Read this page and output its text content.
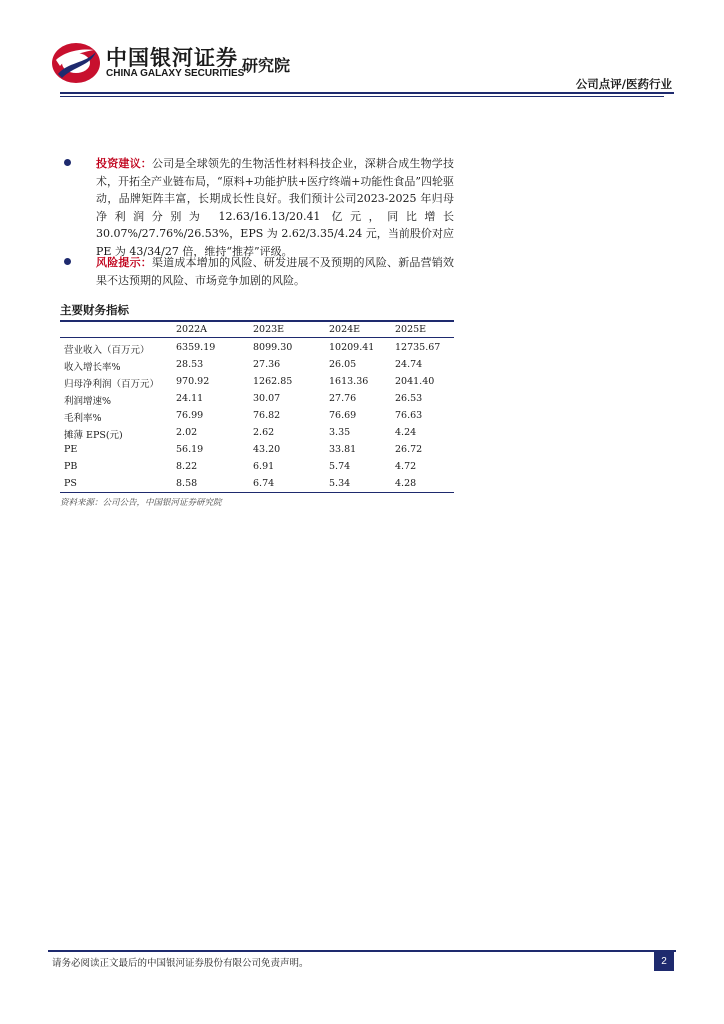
中国银河证券
CHINA GALAXY SECURITIES
研究院
公司点评/医药行业
投资建议：公司是全球领先的生物活性材料科技企业，深耕合成生物学技术，开拓全产业链布局，“原料+功能护肤+医疗终端+功能性食品”四轮驱动，品牌矩阵丰富，长期成长性良好。我们预计公司2023-2025 年归母净利润分别为 12.63/16.13/20.41 亿元，同比增长30.07%/27.76%/26.53%，EPS 为 2.62/3.35/4.24 元，当前股价对应 PE 为 43/34/27 倍，维持“推荐”评级。
风险提示：渠道成本增加的风险、研发进展不及预期的风险、新品营销效果不达预期的风险、市场竞争加剧的风险。
主要财务指标
2022A	2023E	2024E	2025E
营业收入（百万元）	6359.19	8099.30	10209.41 12735.67
收入增长率%	28.53	27.36	26.05	24.74
归母净利润（百万元） 970.92	1262.85	1613.36	2041.40
利润增速%	24.11	30.07	27.76	26.53
毛利率%	76.99	76.82	76.69	76.63
摊薄 EPS(元)	2.02	2.62	3.35	4.24
PE	56.19	43.20	33.81	26.72
PB	8.22	6.91	5.74	4.72
PS	8.58	6.74	5.34	4.28
资料来源：公司公告，中国银河证券研究院
请务必阅读正文最后的中国银河证券股份有限公司免责声明。	2
